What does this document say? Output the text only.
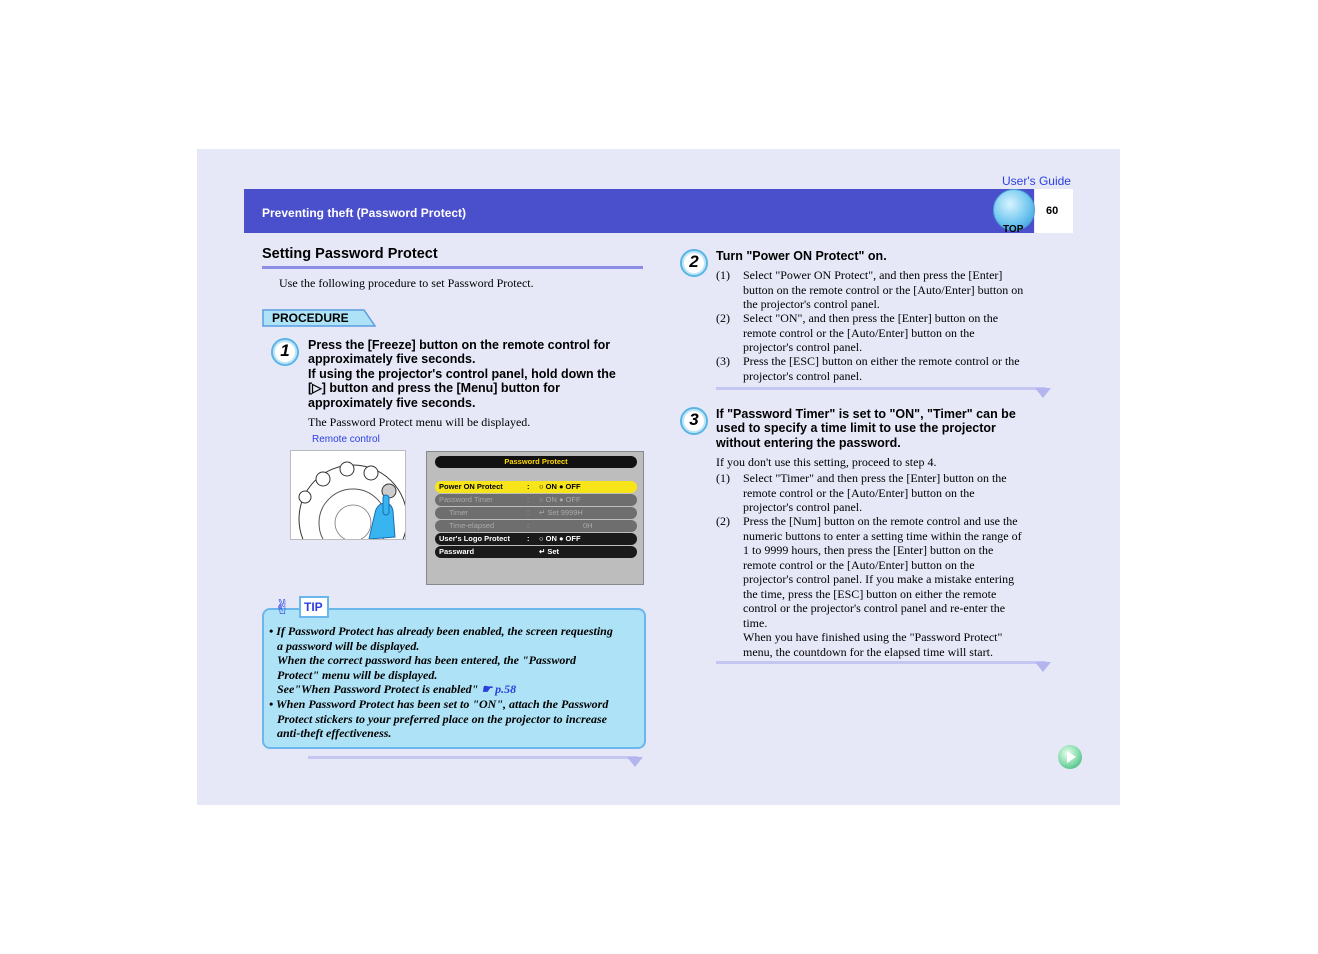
User's Guide
Preventing theft (Password Protect)
TOP
60
Setting Password Protect
Use the following procedure to set Password Protect.
PROCEDURE
1	Press the [Freeze] button on the remote control for
approximately five seconds.
If using the projector's control panel, hold down the
[▷] button and press the [Menu] button for
approximately five seconds.
The Password Protect menu will be displayed.
Remote control
Password Protect
Power ON Protect	: ○ ON ● OFF
Password Timer	: ○ ON ● OFF
Timer	: ↵ Set 9999H
Time-elapsed	:	0H
User's Logo Protect : ○ ON ● OFF
Passward	↵ Set
✌ TIP
• If Password Protect has already been enabled, the screen requesting
a password will be displayed.
When the correct password has been entered, the "Password
Protect" menu will be displayed.
See"When Password Protect is enabled" ☛ p.58
• When Password Protect has been set to "ON", attach the Password
Protect stickers to your preferred place on the projector to increase
anti-theft effectiveness.
2	Turn "Power ON Protect" on.
(1) Select "Power ON Protect", and then press the [Enter]
button on the remote control or the [Auto/Enter] button on
the projector's control panel.
(2) Select "ON", and then press the [Enter] button on the
remote control or the [Auto/Enter] button on the
projector's control panel.
(3) Press the [ESC] button on either the remote control or the
projector's control panel.
3	If "Password Timer" is set to "ON", "Timer" can be
used to specify a time limit to use the projector
without entering the password.
If you don't use this setting, proceed to step 4.
(1) Select "Timer" and then press the [Enter] button on the
remote control or the [Auto/Enter] button on the
projector's control panel.
(2) Press the [Num] button on the remote control and use the
numeric buttons to enter a setting time within the range of
1 to 9999 hours, then press the [Enter] button on the
remote control or the [Auto/Enter] button on the
projector's control panel. If you make a mistake entering
the time, press the [ESC] button on either the remote
control or the projector's control panel and re-enter the
time.
When you have finished using the "Password Protect"
menu, the countdown for the elapsed time will start.
